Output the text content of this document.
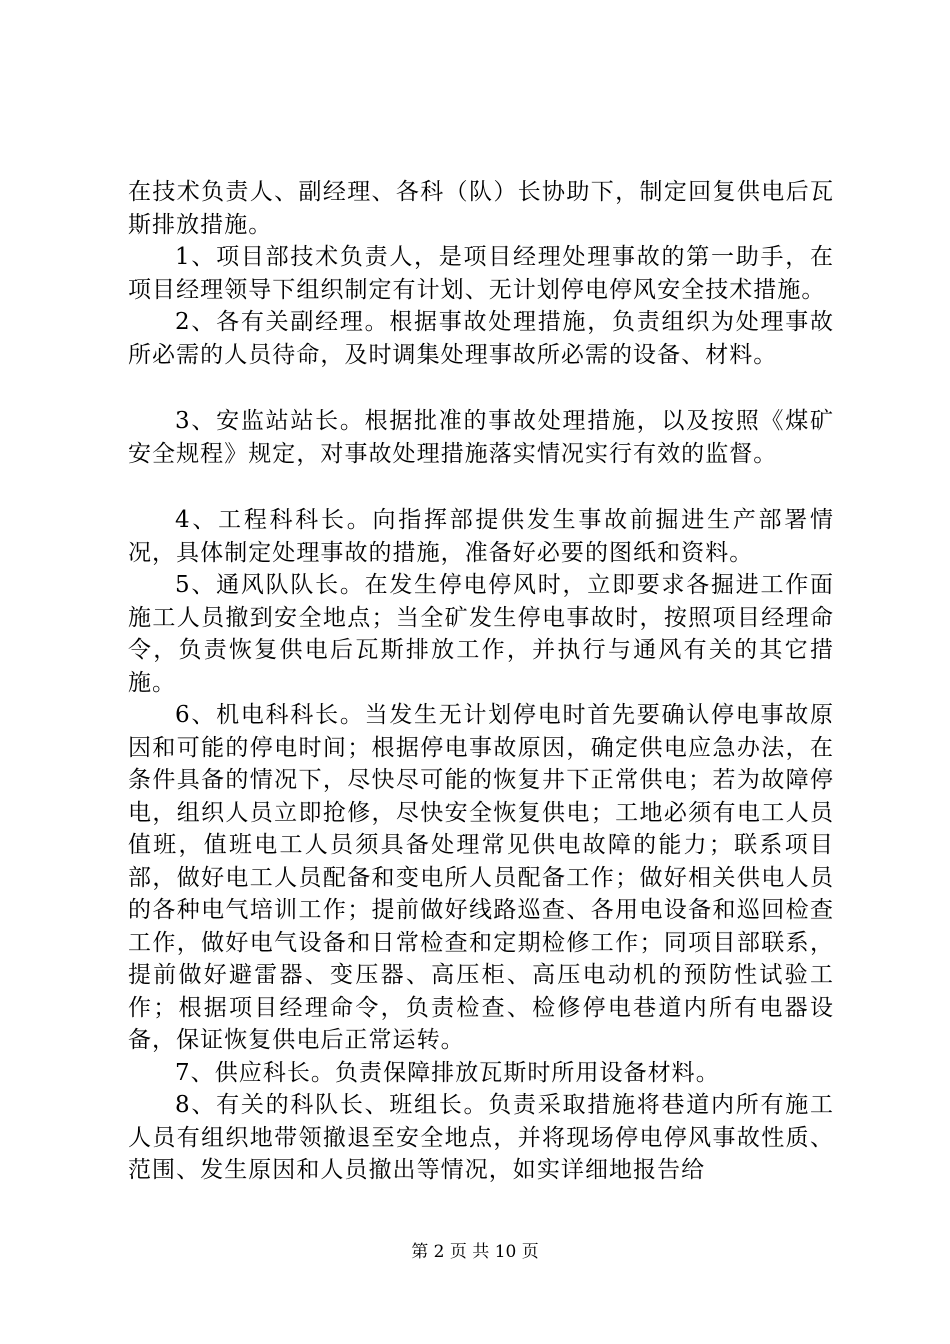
在技术负责人、副经理、各科（队）长协助下，制定回复供电后瓦斯排放措施。

1、项目部技术负责人，是项目经理处理事故的第一助手，在项目经理领导下组织制定有计划、无计划停电停风安全技术措施。

2、各有关副经理。根据事故处理措施，负责组织为处理事故所必需的人员待命，及时调集处理事故所必需的设备、材料。

3、安监站站长。根据批准的事故处理措施，以及按照《煤矿安全规程》规定，对事故处理措施落实情况实行有效的监督。

4、工程科科长。向指挥部提供发生事故前掘进生产部署情况，具体制定处理事故的措施，准备好必要的图纸和资料。

5、通风队队长。在发生停电停风时，立即要求各掘进工作面施工人员撤到安全地点；当全矿发生停电事故时，按照项目经理命令，负责恢复供电后瓦斯排放工作，并执行与通风有关的其它措施。

6、机电科科长。当发生无计划停电时首先要确认停电事故原因和可能的停电时间；根据停电事故原因，确定供电应急办法，在条件具备的情况下，尽快尽可能的恢复井下正常供电；若为故障停电，组织人员立即抢修，尽快安全恢复供电；工地必须有电工人员值班，值班电工人员须具备处理常见供电故障的能力；联系项目部，做好电工人员配备和变电所人员配备工作；做好相关供电人员的各种电气培训工作；提前做好线路巡查、各用电设备和巡回检查工作，做好电气设备和日常检查和定期检修工作；同项目部联系，提前做好避雷器、变压器、高压柜、高压电动机的预防性试验工作；根据项目经理命令，负责检查、检修停电巷道内所有电器设备，保证恢复供电后正常运转。

7、供应科长。负责保障排放瓦斯时所用设备材料。

8、有关的科队长、班组长。负责采取措施将巷道内所有施工人员有组织地带领撤退至安全地点，并将现场停电停风事故性质、范围、发生原因和人员撤出等情况，如实详细地报告给

第 2 页 共 10 页
